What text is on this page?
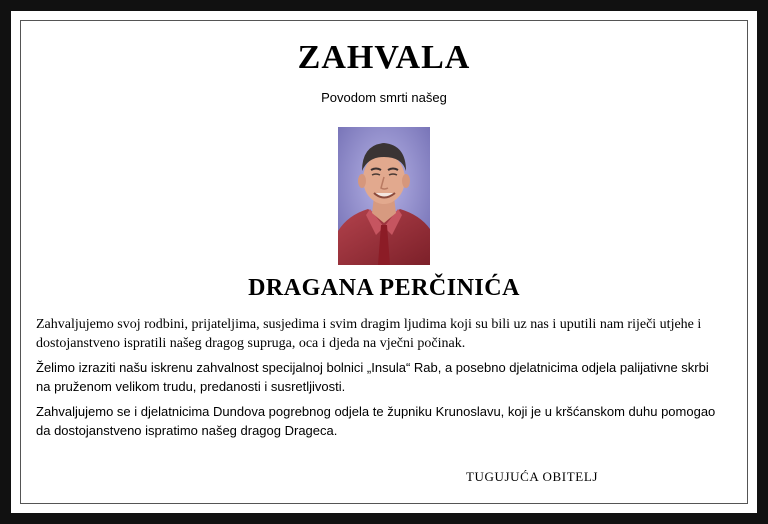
ZAHVALA
Povodom smrti našeg
DRAGANA PERČINIĆA

Zahvaljujemo svoj rodbini, prijateljima, susjedima i svim dragim ljudima koji su bili uz nas i uputili nam riječi utjehe i dostojanstveno ispratili našeg dragog supruga, oca i djeda na vječni počinak.

Želimo izraziti našu iskrenu zahvalnost specijalnoj bolnici „Insula“ Rab, a posebno djelatnicima odjela palijativne skrbi na pruženom velikom trudu, predanosti i susretljivosti.

Zahvaljujemo se i djelatnicima Dundova pogrebnog odjela te župniku Krunoslavu, koji je u kršćanskom duhu pomogao da dostojanstveno ispratimo našeg dragog Drageca.

TUGUJUĆA OBITELJ
